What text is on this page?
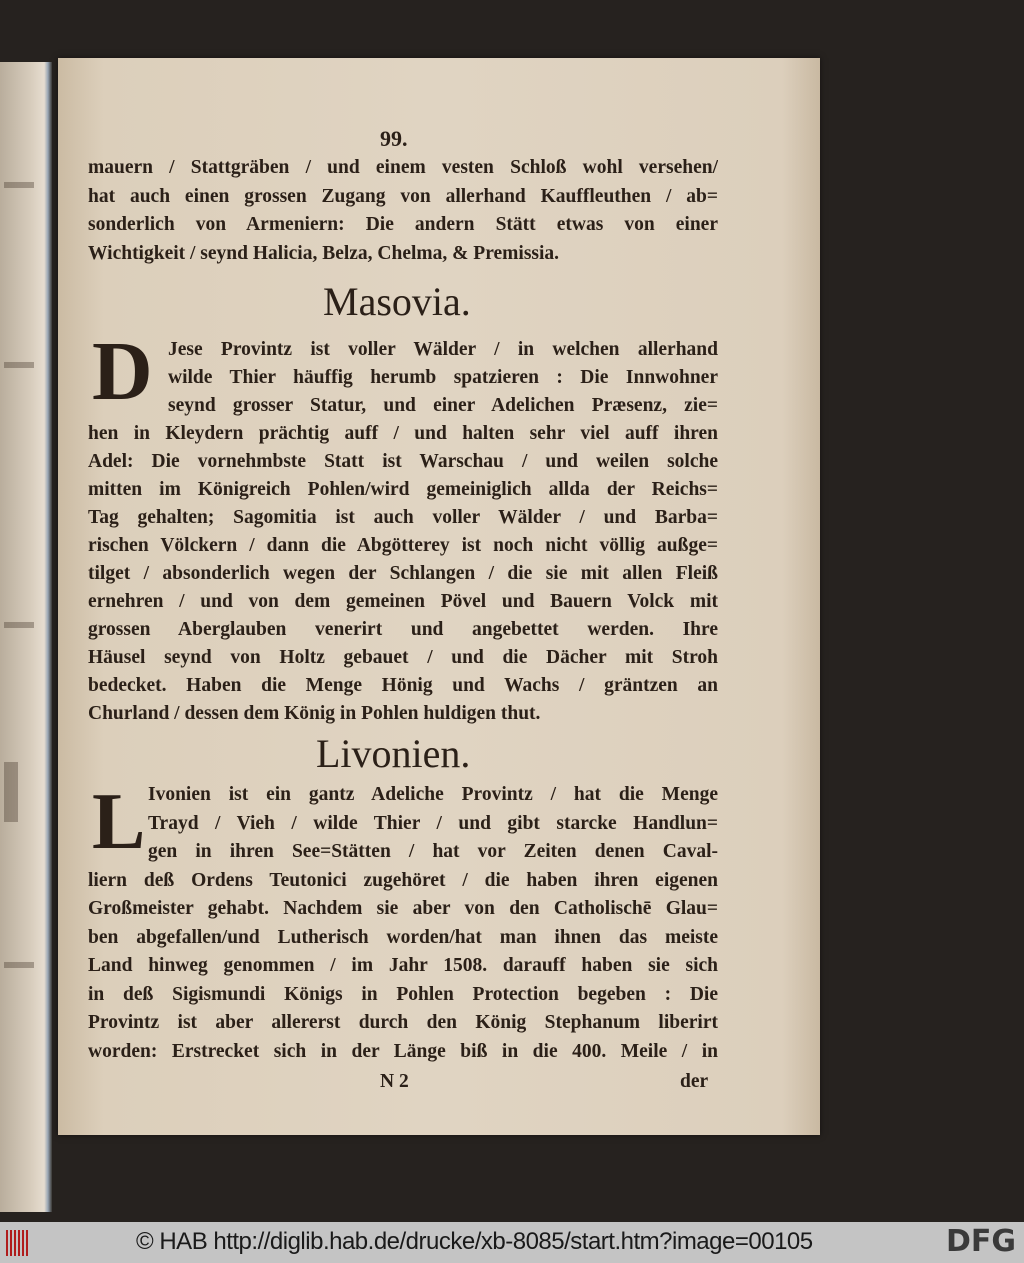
99.
mauern / Stattgräben / und einem vesten Schloß wohl versehen/
hat auch einen grossen Zugang von allerhand Kauffleuthen / ab=
sonderlich von Armeniern: Die andern Stätt etwas von einer
Wichtigkeit / seynd Halicia, Belza, Chelma, & Premissia.
Masovia.
D Jese Provintz ist voller Wälder / in welchen allerhand
wilde Thier häuffig herumb spatzieren : Die Innwohner
seynd grosser Statur, und einer Adelichen Præsenz, zie=
hen in Kleydern prächtig auff / und halten sehr viel auff ihren
Adel: Die vornehmbste Statt ist Warschau / und weilen solche
mitten im Königreich Pohlen/wird gemeiniglich allda der Reichs=
Tag gehalten; Sagomitia ist auch voller Wälder / und Barba=
rischen Völckern / dann die Abgötterey ist noch nicht völlig außge=
tilget / absonderlich wegen der Schlangen / die sie mit allen Fleiß
ernehren / und von dem gemeinen Pövel und Bauern Volck mit
grossen Aberglauben venerirt und angebettet werden. Ihre
Häusel seynd von Holtz gebauet / und die Dächer mit Stroh
bedecket. Haben die Menge Hönig und Wachs / gräntzen an
Churland / dessen dem König in Pohlen huldigen thut.
Livonien.
L Ivonien ist ein gantz Adeliche Provintz / hat die Menge
Trayd / Vieh / wilde Thier / und gibt starcke Handlun=
gen in ihren See=Stätten / hat vor Zeiten denen Caval-
liern deß Ordens Teutonici zugehöret / die haben ihren eigenen
Großmeister gehabt. Nachdem sie aber von den Catholischē Glau=
ben abgefallen/und Lutherisch worden/hat man ihnen das meiste
Land hinweg genommen / im Jahr 1508. darauff haben sie sich
in deß Sigismundi Königs in Pohlen Protection begeben : Die
Provintz ist aber allererst durch den König Stephanum liberirt
worden: Erstrecket sich in der Länge biß in die 400. Meile / in
N 2	der
© HAB http://diglib.hab.de/drucke/xb-8085/start.htm?image=00105	DFG
